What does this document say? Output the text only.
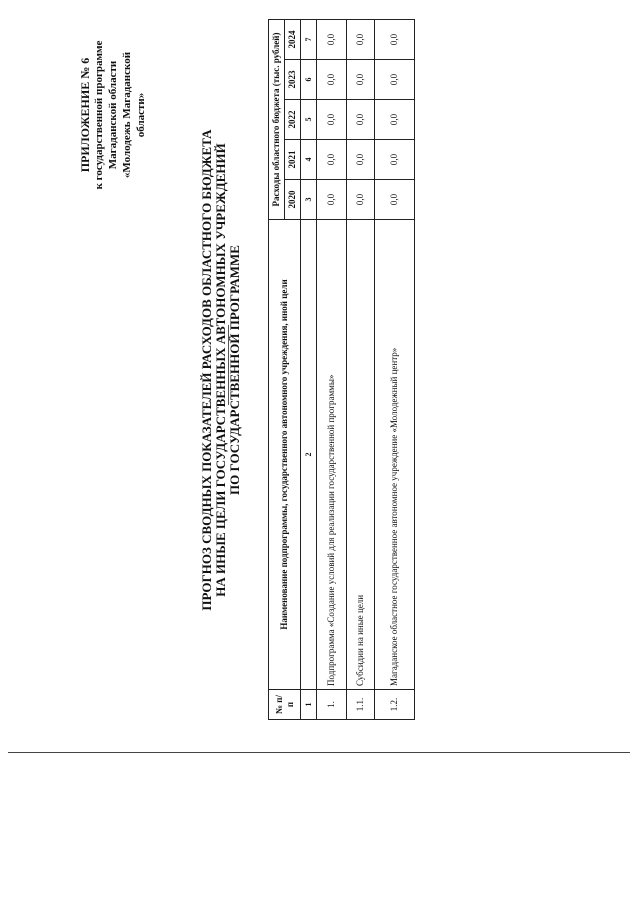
ПРИЛОЖЕНИЕ № 6 к государственной программе Магаданской области «Молодежь Магаданской области»
ПРОГНОЗ СВОДНЫХ ПОКАЗАТЕЛЕЙ РАСХОДОВ ОБЛАСТНОГО БЮДЖЕТА НА ИНЫЕ ЦЕЛИ ГОСУДАРСТВЕННЫХ АВТОНОМНЫХ УЧРЕЖДЕНИЙ ПО ГОСУДАРСТВЕННОЙ ПРОГРАММЕ
№ п/п	Наименование подпрограммы, государственного автономного учреждения, иной цели	Расходы областного бюджета (тыс. рублей)				
		2020	2021	2022	2023	2024
1	2	3	4	5	6	7
1.	Подпрограмма «Создание условий для реализации государственной программы»	0,0	0,0	0,0	0,0	0,0
1.1.	Субсидии на иные цели	0,0	0,0	0,0	0,0	0,0
1.2.	Магаданское областное государственное автономное учреждение «Молодежный центр»	0,0	0,0	0,0	0,0	0,0
